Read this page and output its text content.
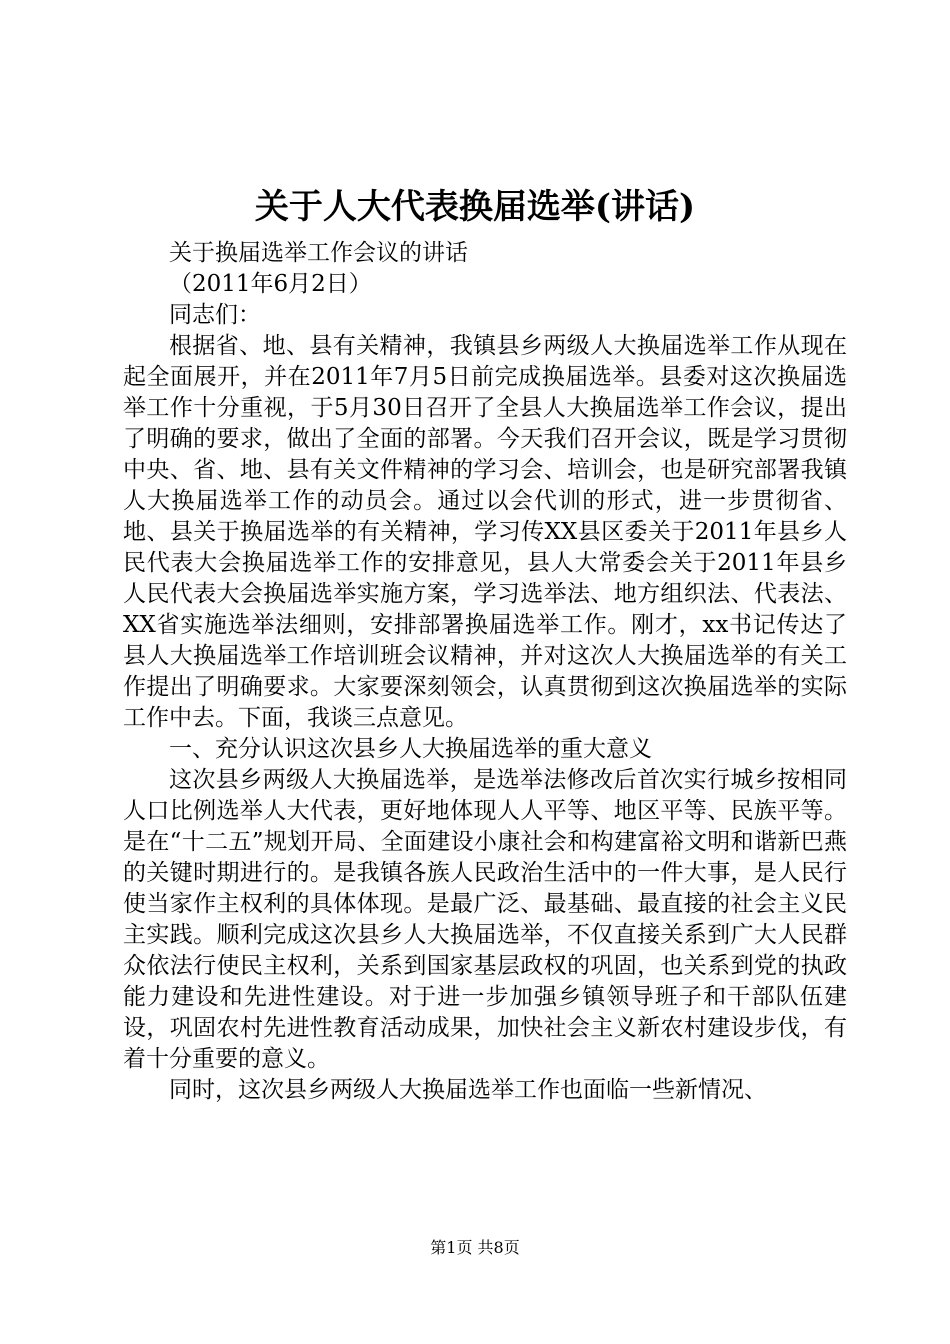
关于人大代表换届选举(讲话)

关于换届选举工作会议的讲话

（2011年6月2日）

同志们：

根据省、地、县有关精神，我镇县乡两级人大换届选举工作从现在起全面展开，并在2011年7月5日前完成换届选举。县委对这次换届选举工作十分重视，于5月30日召开了全县人大换届选举工作会议，提出了明确的要求，做出了全面的部署。今天我们召开会议，既是学习贯彻中央、省、地、县有关文件精神的学习会、培训会，也是研究部署我镇人大换届选举工作的动员会。通过以会代训的形式，进一步贯彻省、地、县关于换届选举的有关精神，学习传XX县区委关于2011年县乡人民代表大会换届选举工作的安排意见，县人大常委会关于2011年县乡人民代表大会换届选举实施方案，学习选举法、地方组织法、代表法、XX省实施选举法细则，安排部署换届选举工作。刚才，xx书记传达了县人大换届选举工作培训班会议精神，并对这次人大换届选举的有关工作提出了明确要求。大家要深刻领会，认真贯彻到这次换届选举的实际工作中去。下面，我谈三点意见。

一、充分认识这次县乡人大换届选举的重大意义

这次县乡两级人大换届选举，是选举法修改后首次实行城乡按相同人口比例选举人大代表，更好地体现人人平等、地区平等、民族平等。是在“十二五”规划开局、全面建设小康社会和构建富裕文明和谐新巴燕的关键时期进行的。是我镇各族人民政治生活中的一件大事，是人民行使当家作主权利的具体体现。是最广泛、最基础、最直接的社会主义民主实践。顺利完成这次县乡人大换届选举，不仅直接关系到广大人民群众依法行使民主权利，关系到国家基层政权的巩固，也关系到党的执政能力建设和先进性建设。对于进一步加强乡镇领导班子和干部队伍建设，巩固农村先进性教育活动成果，加快社会主义新农村建设步伐，有着十分重要的意义。

同时，这次县乡两级人大换届选举工作也面临一些新情况、

第1页 共8页
